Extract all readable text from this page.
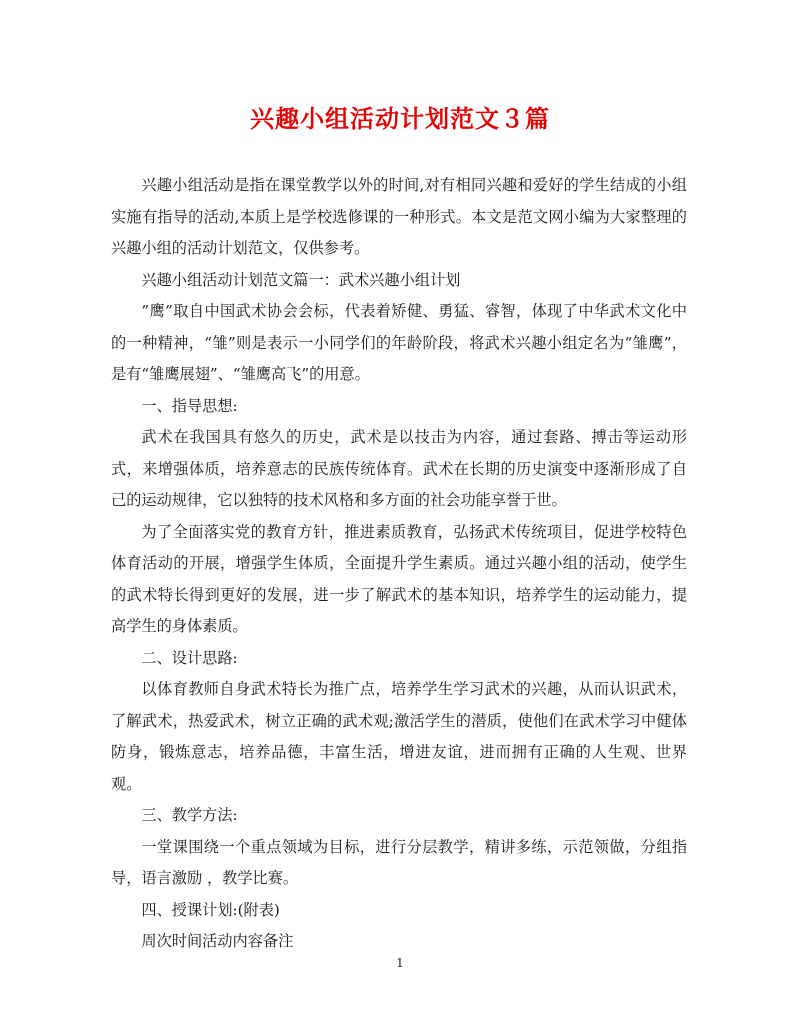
兴趣小组活动计划范文３篇

兴趣小组活动是指在课堂教学以外的时间,对有相同兴趣和爱好的学生结成的小组实施有指导的活动,本质上是学校选修课的一种形式。本文是范文网小编为大家整理的兴趣小组的活动计划范文，仅供参考。

兴趣小组活动计划范文篇一：武术兴趣小组计划

”鹰”取自中国武术协会会标，代表着矫健、勇猛、睿智，体现了中华武术文化中的一种精神，“雏”则是表示一小同学们的年龄阶段，将武术兴趣小组定名为“雏鹰”，是有“雏鹰展翅”、“雏鹰高飞”的用意。

一、指导思想:

武术在我国具有悠久的历史，武术是以技击为内容，通过套路、搏击等运动形式，来增强体质，培养意志的民族传统体育。武术在长期的历史演变中逐渐形成了自己的运动规律，它以独特的技术风格和多方面的社会功能享誉于世。

为了全面落实党的教育方针，推进素质教育，弘扬武术传统项目，促进学校特色体育活动的开展，增强学生体质，全面提升学生素质。通过兴趣小组的活动，使学生的武术特长得到更好的发展，进一步了解武术的基本知识，培养学生的运动能力，提高学生的身体素质。

二、设计思路:

以体育教师自身武术特长为推广点，培养学生学习武术的兴趣，从而认识武术，了解武术，热爱武术，树立正确的武术观;激活学生的潜质，使他们在武术学习中健体防身，锻炼意志，培养品德，丰富生活，增进友谊，进而拥有正确的人生观、世界观。

三、教学方法:

一堂课围绕一个重点领域为目标，进行分层教学，精讲多练，示范领做，分组指导，语言激励 ，教学比赛。

四、授课计划:(附表)

周次时间活动内容备注

1
